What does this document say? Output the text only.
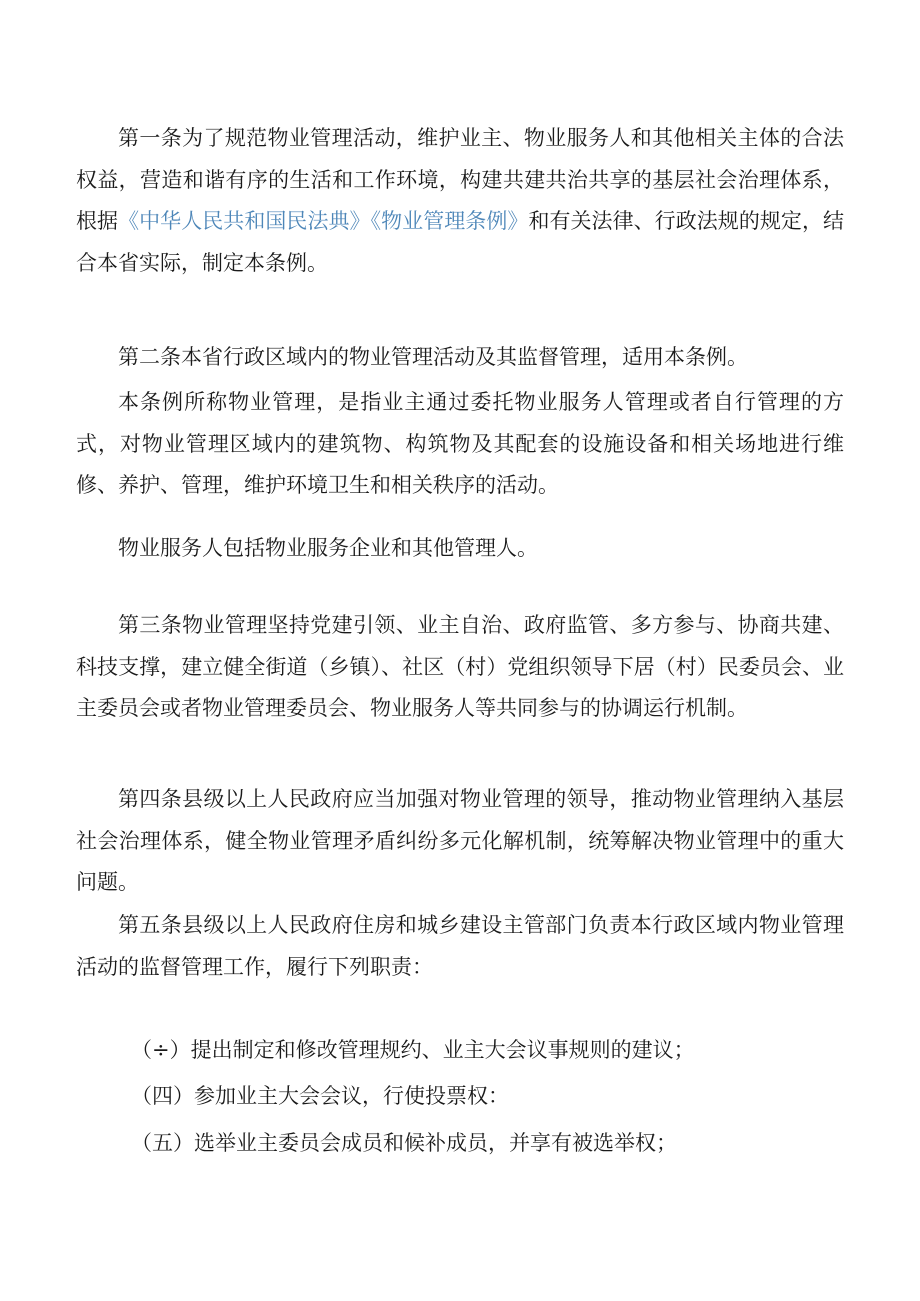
第一条为了规范物业管理活动，维护业主、物业服务人和其他相关主体的合法权益，营造和谐有序的生活和工作环境，构建共建共治共享的基层社会治理体系，根据《中华人民共和国民法典》《物业管理条例》和有关法律、行政法规的规定，结合本省实际，制定本条例。

第二条本省行政区域内的物业管理活动及其监督管理，适用本条例。

本条例所称物业管理，是指业主通过委托物业服务人管理或者自行管理的方式，对物业管理区域内的建筑物、构筑物及其配套的设施设备和相关场地进行维修、养护、管理，维护环境卫生和相关秩序的活动。

物业服务人包括物业服务企业和其他管理人。

第三条物业管理坚持党建引领、业主自治、政府监管、多方参与、协商共建、科技支撑，建立健全街道（乡镇）、社区（村）党组织领导下居（村）民委员会、业主委员会或者物业管理委员会、物业服务人等共同参与的协调运行机制。

第四条县级以上人民政府应当加强对物业管理的领导，推动物业管理纳入基层社会治理体系，健全物业管理矛盾纠纷多元化解机制，统筹解决物业管理中的重大问题。

第五条县级以上人民政府住房和城乡建设主管部门负责本行政区域内物业管理活动的监督管理工作，履行下列职责：

（÷）提出制定和修改管理规约、业主大会议事规则的建议；

（四）参加业主大会会议，行使投票权：

（五）选举业主委员会成员和候补成员，并享有被选举权；
